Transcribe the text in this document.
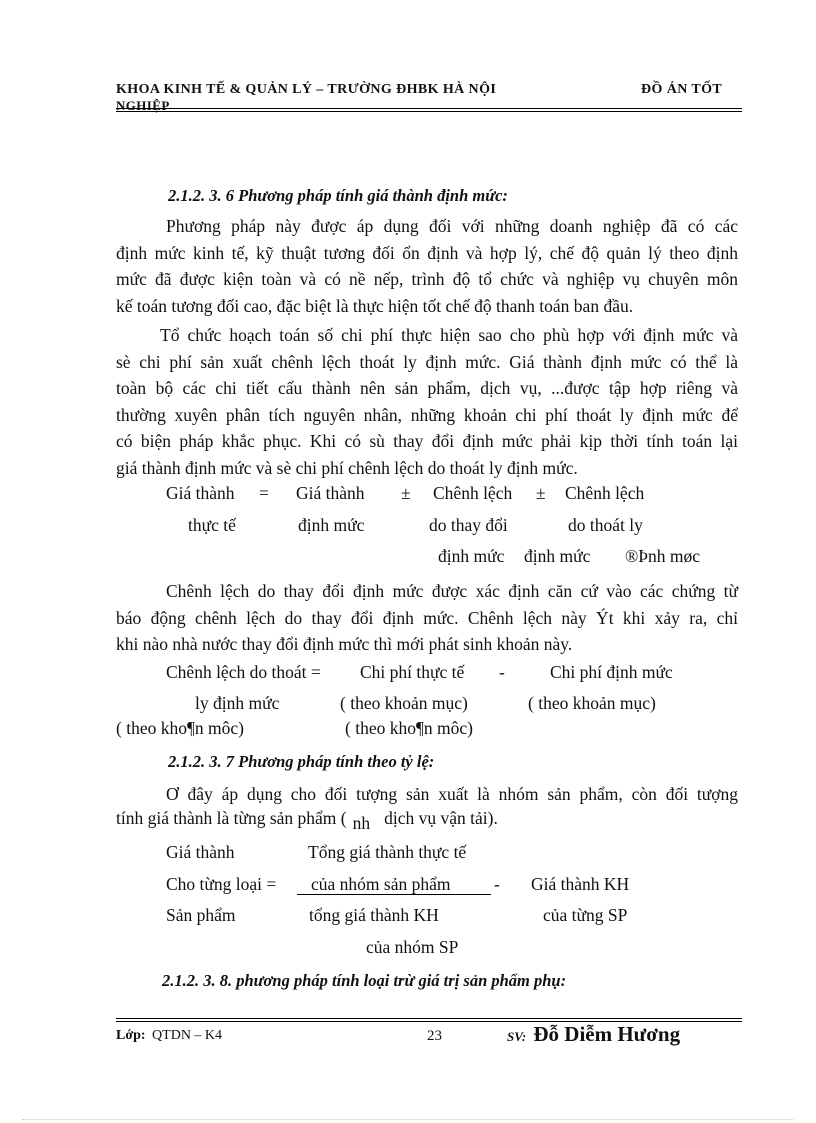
KHOA KINH TẾ & QUẢN LÝ – TRƯỜNG ĐHBK HÀ NỘI	ĐỒ ÁN TỐT
NGHIỆP
2.1.2. 3. 6 Phương pháp tính giá thành định mức:
Phương pháp này được áp dụng đối với những doanh nghiệp đã có các
định mức kinh tế, kỹ thuật tương đối ổn định và hợp lý, chế độ quản lý theo định
mức đã được kiện toàn và có nề nếp, trình độ tổ chức và nghiệp vụ chuyên môn
kế toán tương đối cao, đặc biệt là thực hiện tốt chế độ thanh toán ban đầu.
Tổ chức hoạch toán số chi phí thực hiện sao cho phù hợp với định mức và
sè chi phí sản xuất chênh lệch thoát ly định mức. Giá thành định mức có thể là
toàn bộ các chi tiết cấu thành nên sản phẩm, dịch vụ, ...được tập hợp riêng và
thường xuyên phân tích nguyên nhân, những khoản chi phí thoát ly định mức để
có biện pháp khắc phục. Khi có sù thay đổi định mức phải kịp thời tính toán lại
giá thành định mức và sè chi phí chênh lệch do thoát ly định mức.
Giá thành = Giá thành ± Chênh lệch ± Chênh lệch
thực tế	định mức	do thay đổi	do thoát ly
định mức định mức ®Þnh møc
Chênh lệch do thay đổi định mức được xác định căn cứ vào các chứng từ
báo động chênh lệch do thay đổi định mức. Chênh lệch này Ýt khi xảy ra, chỉ
khi nào nhà nước thay đổi định mức thì mới phát sinh khoản này.
Chênh lệch do thoát = Chi phí thực tế -	Chi phí định mức
ly định mức	( theo khoản mục)	( theo khoản mục)
( theo kho¶n môc)	( theo kho¶n môc)
2.1.2. 3. 7 Phương pháp tính theo tỷ lệ:
Ơ đây áp dụng cho đối tượng sản xuất là nhóm sản phẩm, còn đối tượng
tính giá thành là từng sản phẩm ( nh dịch vụ vận tải).
Giá thành	Tổng giá thành thực tế
Cho từng loại = của nhóm sản phẩm - Giá thành KH
Sản phẩm	tổng giá thành KH	của từng SP
của nhóm SP
2.1.2. 3. 8. phương pháp tính loại trừ giá trị sản phẩm phụ:
Lớp: QTDN – K4	23	SV: Đỗ Diễm Hương
